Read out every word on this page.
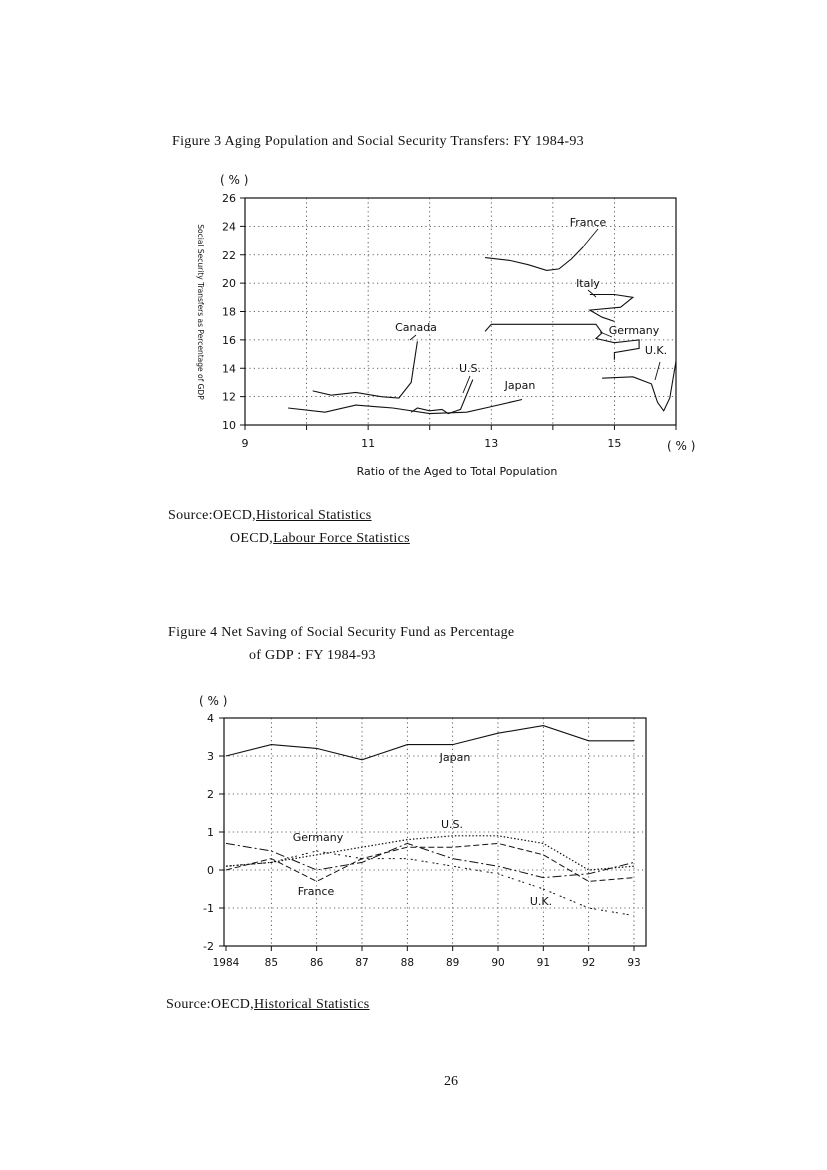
Figure 3 Aging Population and Social Security Transfers: FY 1984-93
10
12
14
16
18
20
22
24
26
9	11	13	15
France
Italy
Germany
U.K.
Canada
U.S.
Japan
( % )
( % )
Ratio of the Aged to Total Population
Social Security Transfers as Percentage of GDP
-2
-1
0
1
2
3
4
1984 85	86	87	88	89	90	91	92	93
Japan
U.S.
Germany
France
U.K.
( % )
Source:OECD,Historical Statistics
OECD,Labour Force Statistics
Figure 4 Net Saving of Social Security Fund as Percentage
of GDP : FY 1984-93
Source:OECD,Historical Statistics
26
